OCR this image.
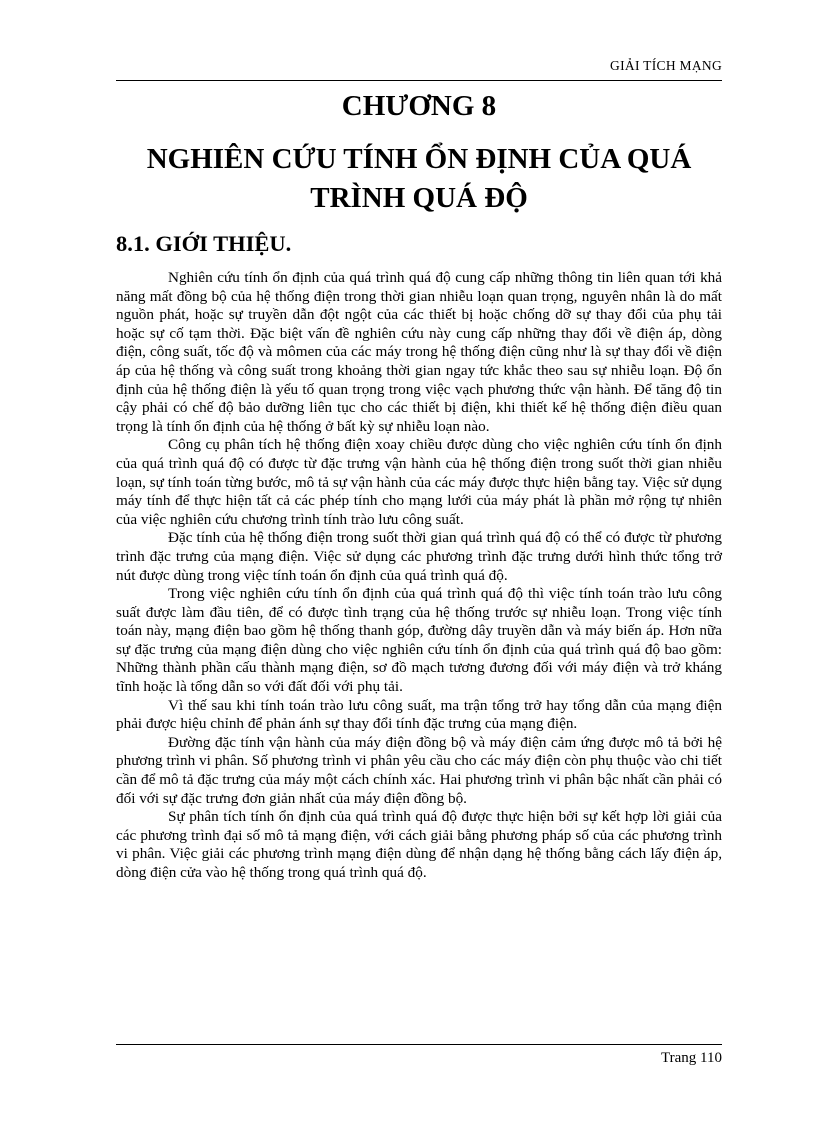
GIẢI TÍCH MẠNG
CHƯƠNG 8
NGHIÊN CỨU TÍNH ỔN ĐỊNH CỦA QUÁ
TRÌNH QUÁ ĐỘ
8.1. GIỚI THIỆU.

Nghiên cứu tính ổn định của quá trình quá độ cung cấp những thông tin liên quan tới khả năng mất đồng bộ của hệ thống điện trong thời gian nhiễu loạn quan trọng, nguyên nhân là do mất nguồn phát, hoặc sự truyền dẫn đột ngột của các thiết bị hoặc chống dỡ sự thay đổi của phụ tải hoặc sự cố tạm thời. Đặc biệt vấn đề nghiên cứu này cung cấp những thay đổi về điện áp, dòng điện, công suất, tốc độ và mômen của các máy trong hệ thống điện cũng như là sự thay đổi về điện áp của hệ thống và công suất trong khoảng thời gian ngay tức khắc theo sau sự nhiễu loạn. Độ ổn định của hệ thống điện là yếu tố quan trọng trong việc vạch phương thức vận hành. Để tăng độ tin cậy phải có chế độ bảo dưỡng liên tục cho các thiết bị điện, khi thiết kế hệ thống điện điều quan trọng là tính ổn định của hệ thống ở bất kỳ sự nhiễu loạn nào.

Công cụ phân tích hệ thống điện xoay chiều được dùng cho việc nghiên cứu tính ổn định của quá trình quá độ có được từ đặc trưng vận hành của hệ thống điện trong suốt thời gian nhiễu loạn, sự tính toán từng bước, mô tả sự vận hành của các máy được thực hiện bằng tay. Việc sử dụng máy tính để thực hiện tất cả các phép tính cho mạng lưới của máy phát là phần mở rộng tự nhiên của việc nghiên cứu chương trình tính trào lưu công suất.

Đặc tính của hệ thống điện trong suốt thời gian quá trình quá độ có thể có được từ phương trình đặc trưng của mạng điện. Việc sử dụng các phương trình đặc trưng dưới hình thức tổng trở nút được dùng trong việc tính toán ổn định của quá trình quá độ.

Trong việc nghiên cứu tính ổn định của quá trình quá độ thì việc tính toán trào lưu công suất được làm đầu tiên, để có được tình trạng của hệ thống trước sự nhiễu loạn. Trong việc tính toán này, mạng điện bao gồm hệ thống thanh góp, đường dây truyền dẫn và máy biến áp. Hơn nữa sự đặc trưng của mạng điện dùng cho việc nghiên cứu tính ổn định của quá trình quá độ bao gồm: Những thành phần cấu thành mạng điện, sơ đồ mạch tương đương đối với máy điện và trở kháng tĩnh hoặc là tổng dẫn so với đất đối với phụ tải.

Vì thế sau khi tính toán trào lưu công suất, ma trận tổng trở hay tổng dẫn của mạng điện phải được hiệu chỉnh để phản ánh sự thay đổi tính đặc trưng của mạng điện.

Đường đặc tính vận hành của máy điện đồng bộ và máy điện cảm ứng được mô tả bởi hệ phương trình vi phân. Số phương trình vi phân yêu cầu cho các máy điện còn phụ thuộc vào chi tiết cần để mô tả đặc trưng của máy một cách chính xác. Hai phương trình vi phân bậc nhất cần phải có đối với sự đặc trưng đơn giản nhất của máy điện đồng bộ.

Sự phân tích tính ổn định của quá trình quá độ được thực hiện bởi sự kết hợp lời giải của các phương trình đại số mô tả mạng điện, với cách giải bằng phương pháp số của các phương trình vi phân. Việc giải các phương trình mạng điện dùng để nhận dạng hệ thống bằng cách lấy điện áp, dòng điện cửa vào hệ thống trong quá trình quá độ.

Trang 110
